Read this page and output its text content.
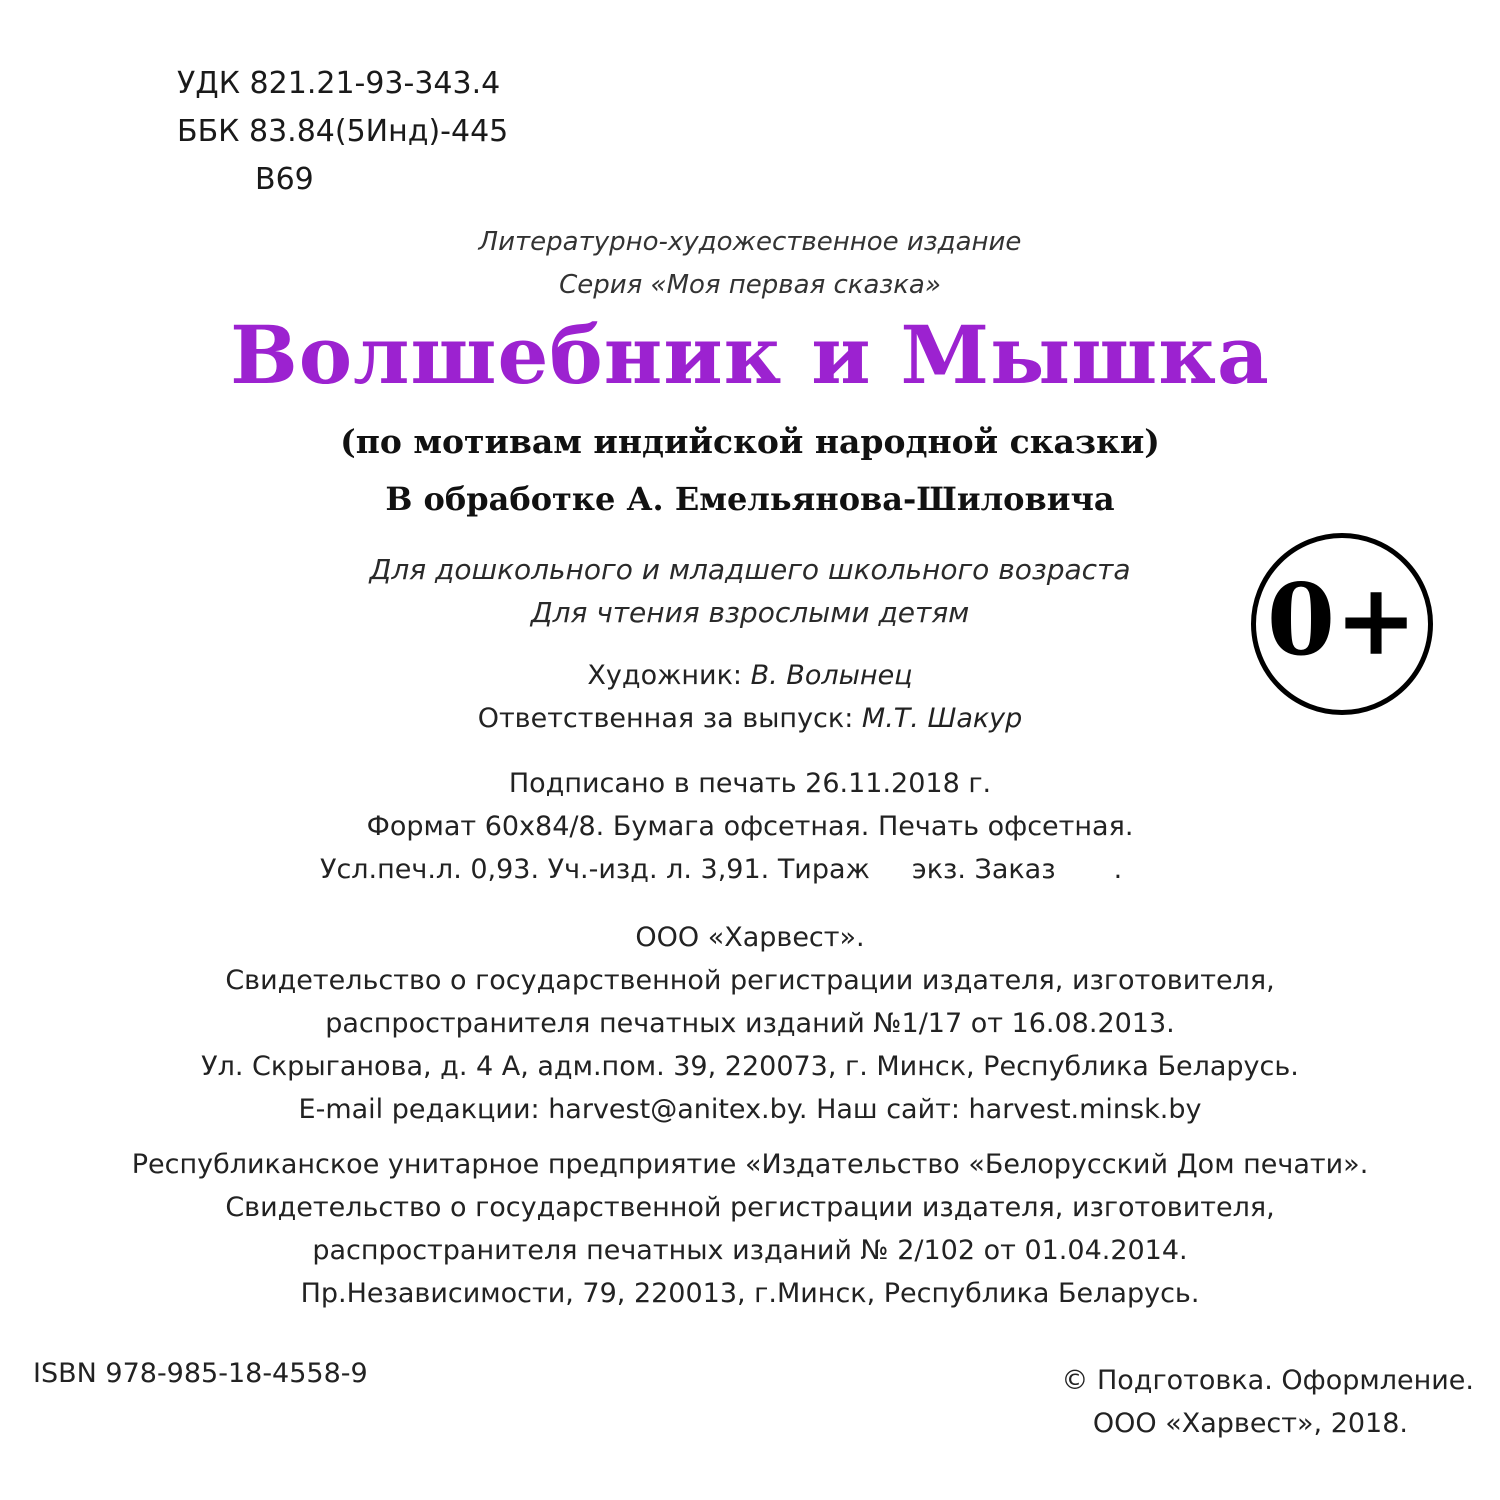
УДК 821.21-93-343.4
ББК 83.84(5Инд)-445
В69
Литературно-художественное издание
Серия «Моя первая сказка»
Волшебник и Мышка
(по мотивам индийской народной сказки)
В обработке А. Емельянова-Шиловича
Для дошкольного и младшего школьного возраста
Для чтения взрослыми детям	0+
Художник: В. Волынец
Ответственная за выпуск: М.Т. Шакур
Подписано в печать 26.11.2018 г.
Формат 60x84/8. Бумага офсетная. Печать офсетная.
Усл.печ.л. 0,93. Уч.-изд. л. 3,91. Тираж экз. Заказ .
ООО «Харвест».
Свидетельство о государственной регистрации издателя, изготовителя,
распространителя печатных изданий №1/17 от 16.08.2013.
Ул. Скрыганова, д. 4 А, адм.пом. 39, 220073, г. Минск, Республика Беларусь.
E-mail редакции: harvest@anitex.by. Наш сайт: harvest.minsk.by
Республиканское унитарное предприятие «Издательство «Белорусский Дом печати».
Свидетельство о государственной регистрации издателя, изготовителя,
распространителя печатных изданий № 2/102 от 01.04.2014.
Пр.Независимости, 79, 220013, г.Минск, Республика Беларусь.
ISBN 978-985-18-4558-9	© Подготовка. Оформление.
ООО «Харвест», 2018.
